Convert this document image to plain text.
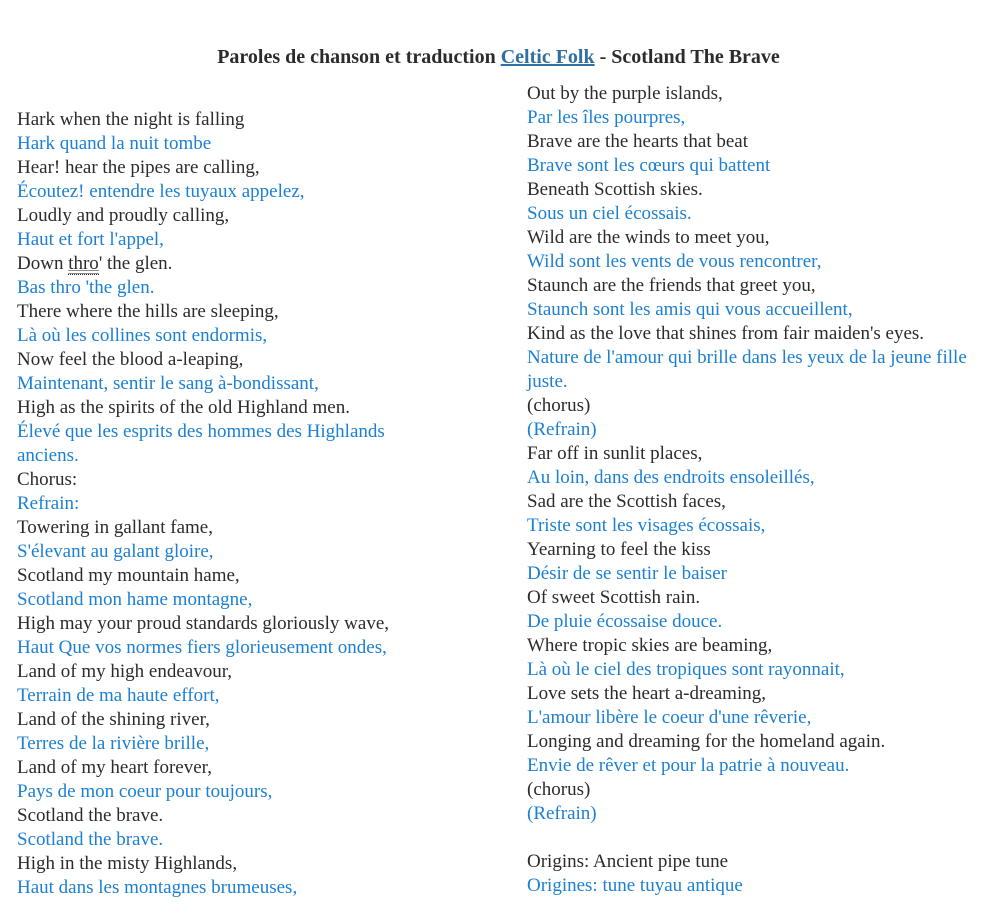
Paroles de chanson et traduction Celtic Folk - Scotland The Brave
Hark when the night is falling
Hark quand la nuit tombe
Hear! hear the pipes are calling,
Écoutez! entendre les tuyaux appelez,
Loudly and proudly calling,
Haut et fort l'appel,
Down thro' the glen.
Bas thro 'the glen.
There where the hills are sleeping,
Là où les collines sont endormis,
Now feel the blood a-leaping,
Maintenant, sentir le sang à-bondissant,
High as the spirits of the old Highland men.
Élevé que les esprits des hommes des Highlands anciens.
Chorus:
Refrain:
Towering in gallant fame,
S'élevant au galant gloire,
Scotland my mountain hame,
Scotland mon hame montagne,
High may your proud standards gloriously wave,
Haut Que vos normes fiers glorieusement ondes,
Land of my high endeavour,
Terrain de ma haute effort,
Land of the shining river,
Terres de la rivière brille,
Land of my heart forever,
Pays de mon coeur pour toujours,
Scotland the brave.
Scotland the brave.
High in the misty Highlands,
Haut dans les montagnes brumeuses,
Out by the purple islands,
Par les îles pourpres,
Brave are the hearts that beat
Brave sont les cœurs qui battent
Beneath Scottish skies.
Sous un ciel écossais.
Wild are the winds to meet you,
Wild sont les vents de vous rencontrer,
Staunch are the friends that greet you,
Staunch sont les amis qui vous accueillent,
Kind as the love that shines from fair maiden's eyes.
Nature de l'amour qui brille dans les yeux de la jeune fille juste.
(chorus)
(Refrain)
Far off in sunlit places,
Au loin, dans des endroits ensoleillés,
Sad are the Scottish faces,
Triste sont les visages écossais,
Yearning to feel the kiss
Désir de se sentir le baiser
Of sweet Scottish rain.
De pluie écossaise douce.
Where tropic skies are beaming,
Là où le ciel des tropiques sont rayonnait,
Love sets the heart a-dreaming,
L'amour libère le coeur d'une rêverie,
Longing and dreaming for the homeland again.
Envie de rêver et pour la patrie à nouveau.
(chorus)
(Refrain)
Origins: Ancient pipe tune
Origines: tune tuyau antique
